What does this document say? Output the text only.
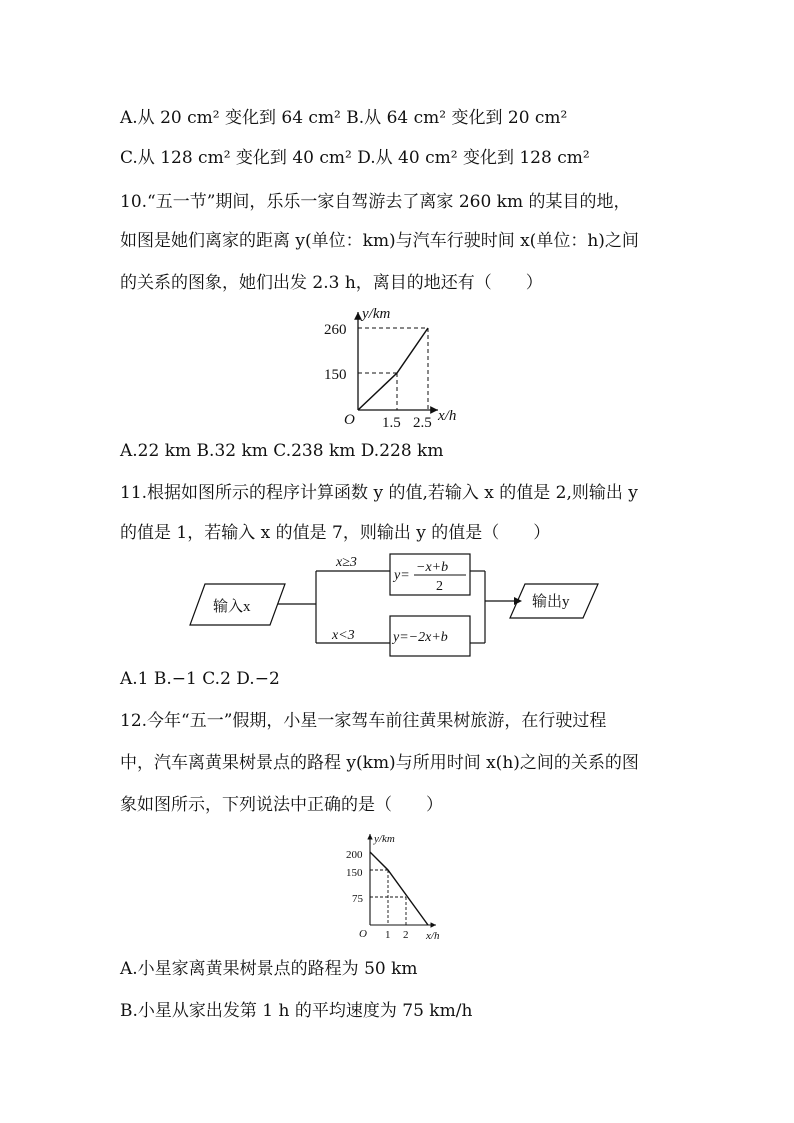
A.从 20 cm² 变化到 64 cm² B.从 64 cm² 变化到 20 cm²
C.从 128 cm² 变化到 40 cm² D.从 40 cm² 变化到 128 cm²
10.“五一节”期间，乐乐一家自驾游去了离家 260 km 的某目的地，
如图是她们离家的距离 y(单位：km)与汽车行驶时间 x(单位：h)之间
的关系的图象，她们出发 2.3 h，离目的地还有（　　）
y/km
x/h
O
260
150
1.5 2.5
A.22 km B.32 km C.238 km D.228 km
11.根据如图所示的程序计算函数 y 的值,若输入 x 的值是 2,则输出 y
的值是 1，若输入 x 的值是 7，则输出 y 的值是（　　）
输入x
x≥3
x<3
y=
−x+b
2
y=−2x+b
输出y
A.1 B.−1 C.2 D.−2
12.今年“五一”假期，小星一家驾车前往黄果树旅游，在行驶过程
中，汽车离黄果树景点的路程 y(km)与所用时间 x(h)之间的关系的图
象如图所示，下列说法中正确的是（　　）
y/km
x/h
O
200
150
75
1 2
A.小星家离黄果树景点的路程为 50 km
B.小星从家出发第 1 h 的平均速度为 75 km/h
